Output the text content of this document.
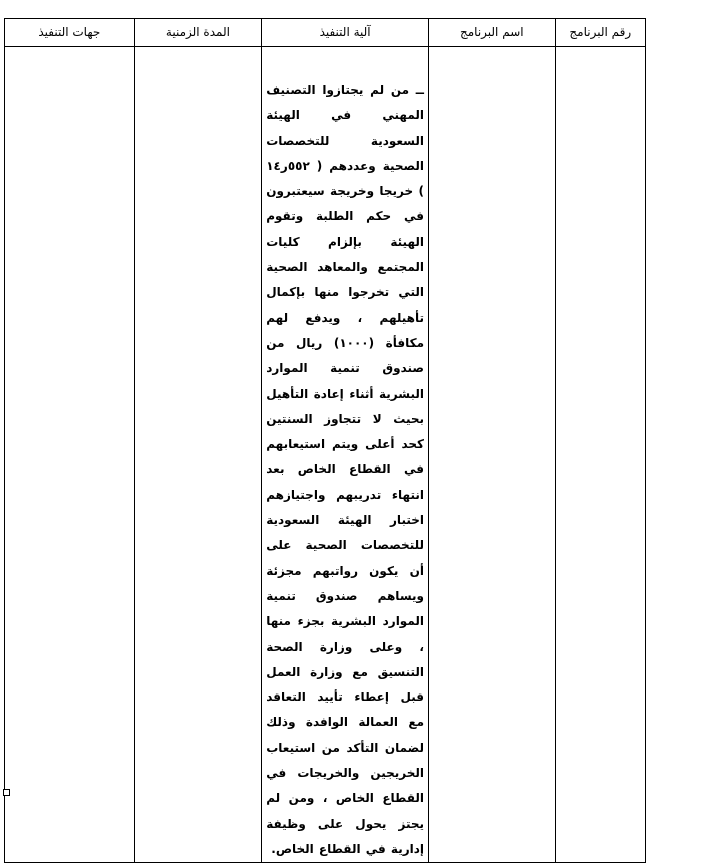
رقم البرنامج	اسم البرنامج	آلية التنفيذ	المدة الزمنية	جهات التنفيذ

		ــ من لم يجتازوا التصنيف المهني في الهيئة السعودية للتخصصات الصحية وعددهم ( ٥٥٢ر١٤ ) خريجا وخريجة سيعتبرون في حكم الطلبة وتقوم الهيئة بإلزام كليات المجتمع والمعاهد الصحية التي تخرجوا منها بإكمال تأهيلهم ، ويدفع لهم مكافأة (١٠٠٠) ريال من صندوق تنمية الموارد البشرية أثناء إعادة التأهيل بحيث لا تتجاوز السنتين كحد أعلى ويتم استيعابهم في القطاع الخاص بعد انتهاء تدريبهم واجتيازهم اختبار الهيئة السعودية للتخصصات الصحية على أن يكون رواتبهم مجزئة ويساهم صندوق تنمية الموارد البشرية بجزء منها ، وعلى وزارة الصحة التنسيق مع وزارة العمل قبل إعطاء تأييد التعاقد مع العمالة الوافدة وذلك لضمان التأكد من استيعاب الخريجين والخريجات في القطاع الخاص ، ومن لم يجتز يحول على وظيفة إدارية في القطاع الخاص.		
